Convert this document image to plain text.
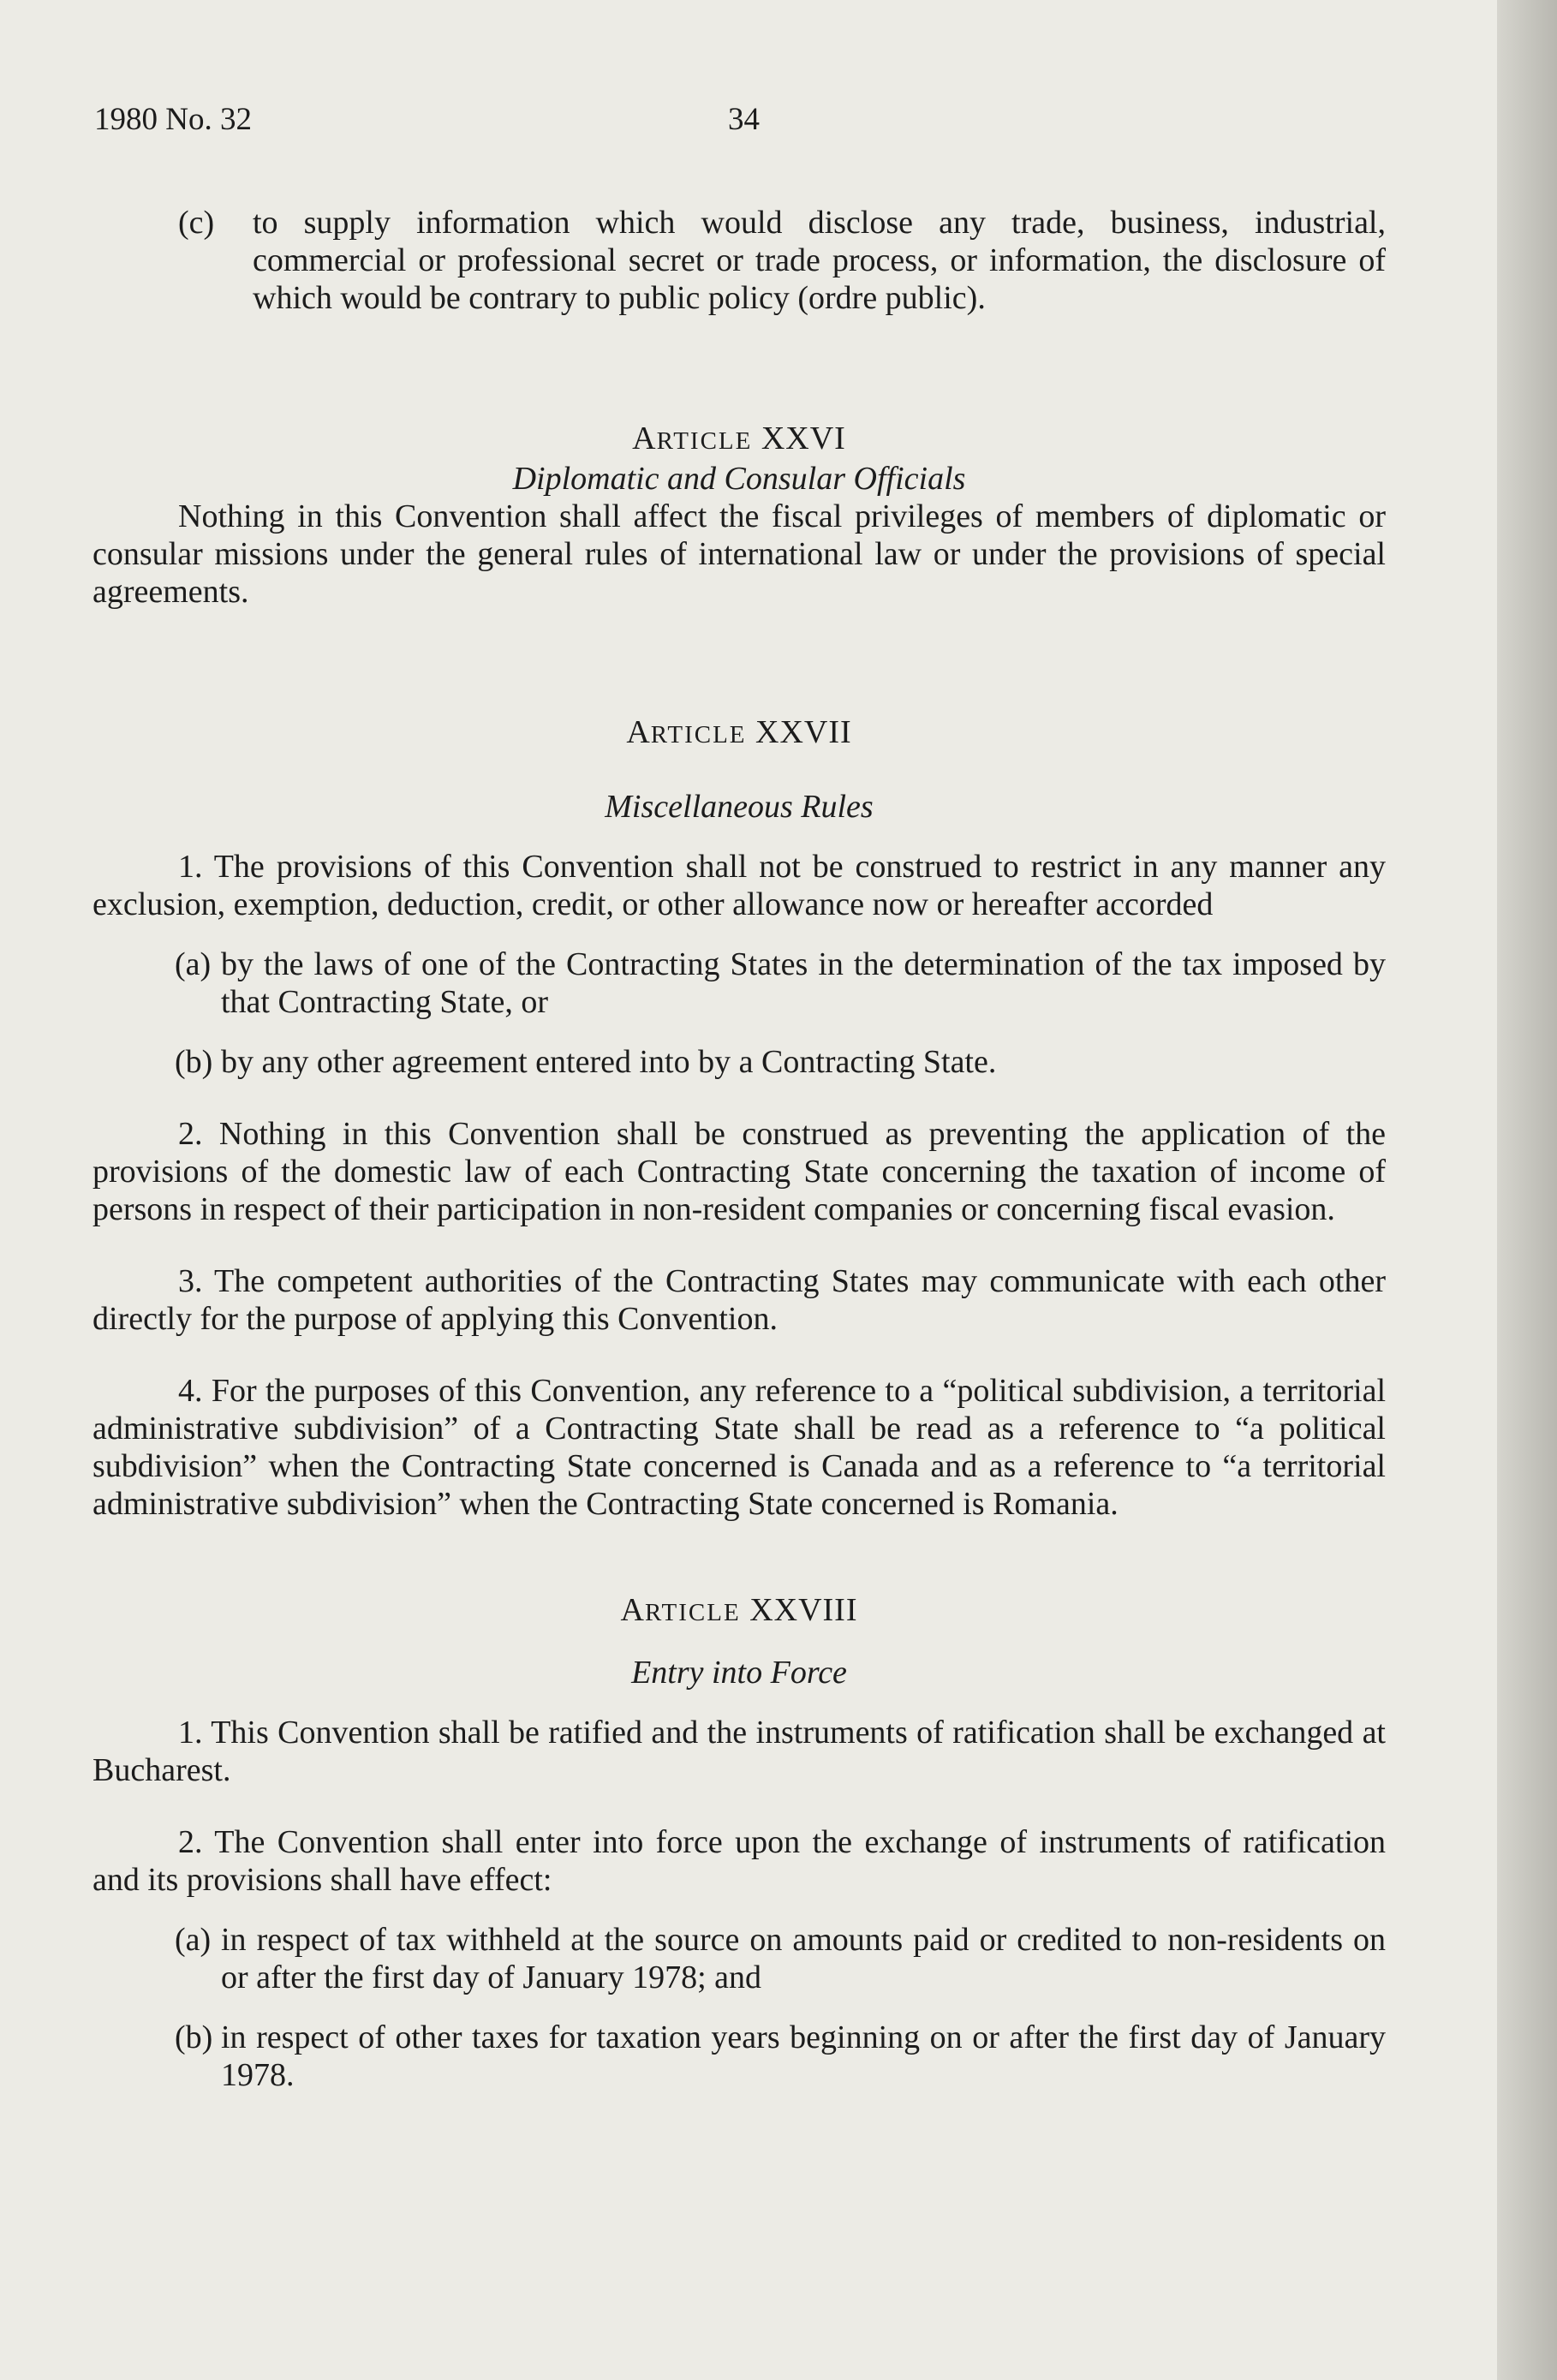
1980 No. 32	34
(c) to supply information which would disclose any trade, business, industrial, commercial or professional secret or trade process, or information, the disclosure of which would be contrary to public policy (ordre public).
ARTICLE XXVI
Diplomatic and Consular Officials
Nothing in this Convention shall affect the fiscal privileges of members of diplomatic or consular missions under the general rules of international law or under the provisions of special agreements.
ARTICLE XXVII
Miscellaneous Rules
1. The provisions of this Convention shall not be construed to restrict in any manner any exclusion, exemption, deduction, credit, or other allowance now or hereafter accorded
(a) by the laws of one of the Contracting States in the determination of the tax imposed by that Contracting State, or
(b) by any other agreement entered into by a Contracting State.
2. Nothing in this Convention shall be construed as preventing the application of the provisions of the domestic law of each Contracting State concerning the taxation of income of persons in respect of their participation in non-resident companies or concerning fiscal evasion.
3. The competent authorities of the Contracting States may communicate with each other directly for the purpose of applying this Convention.
4. For the purposes of this Convention, any reference to a “political subdivision, a territorial administrative subdivision” of a Contracting State shall be read as a reference to “a political subdivision” when the Contracting State concerned is Canada and as a reference to “a territorial administrative subdivision” when the Contracting State concerned is Romania.
ARTICLE XXVIII
Entry into Force
1. This Convention shall be ratified and the instruments of ratification shall be exchanged at Bucharest.
2. The Convention shall enter into force upon the exchange of instruments of ratification and its provisions shall have effect:
(a) in respect of tax withheld at the source on amounts paid or credited to non-residents on or after the first day of January 1978; and
(b) in respect of other taxes for taxation years beginning on or after the first day of January 1978.
